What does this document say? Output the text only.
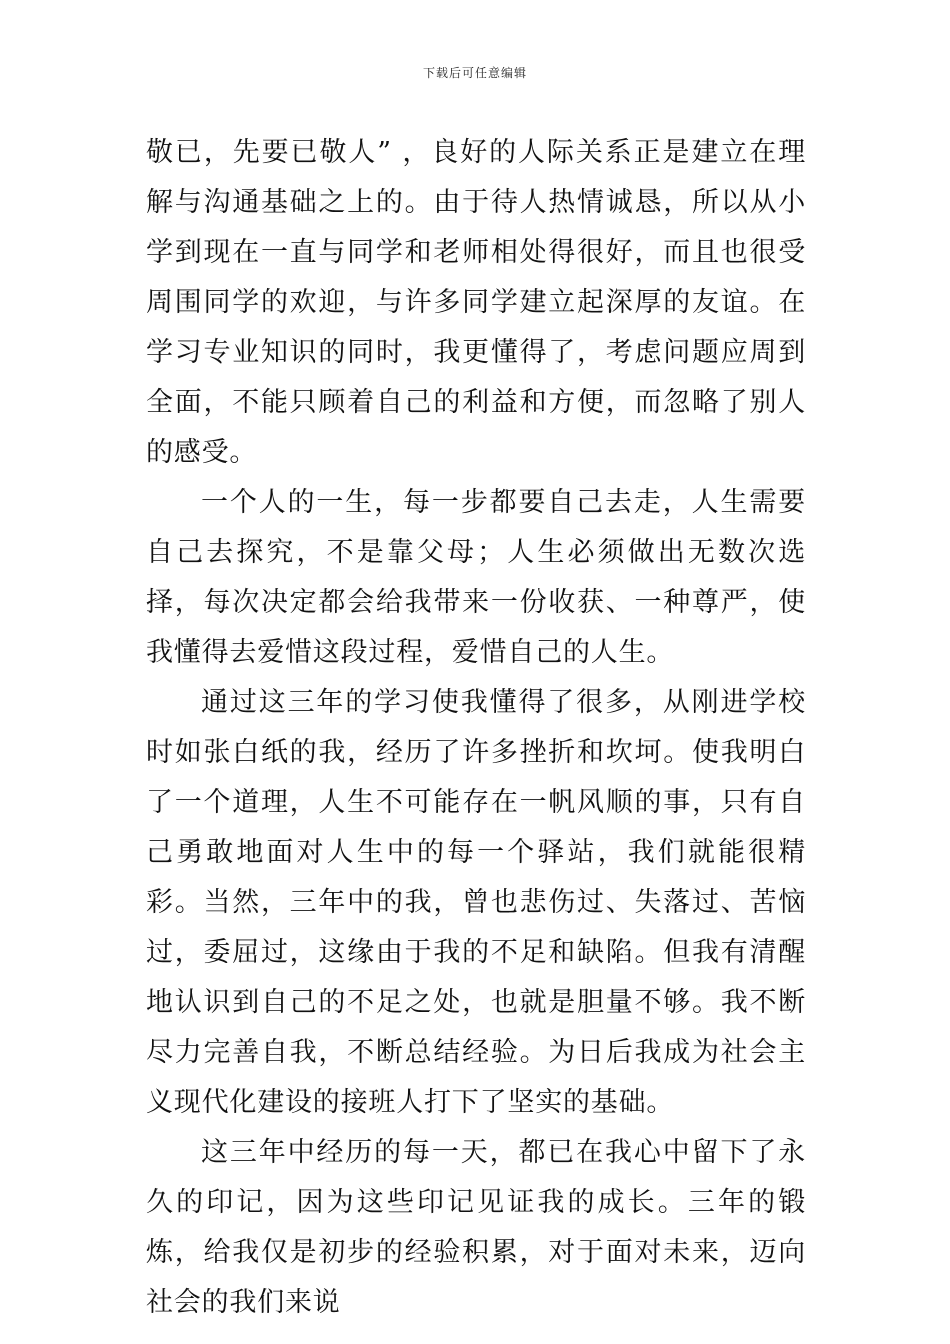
下载后可任意编辑

敬已，先要已敬人” ，良好的人际关系正是建立在理解与沟通基础之上的。由于待人热情诚恳，所以从小学到现在一直与同学和老师相处得很好，而且也很受周围同学的欢迎，与许多同学建立起深厚的友谊。在学习专业知识的同时，我更懂得了，考虑问题应周到全面，不能只顾着自己的利益和方便，而忽略了别人的感受。

一个人的一生，每一步都要自己去走，人生需要自己去探究，不是靠父母；人生必须做出无数次选择，每次决定都会给我带来一份收获、一种尊严，使我懂得去爱惜这段过程，爱惜自己的人生。

通过这三年的学习使我懂得了很多，从刚进学校时如张白纸的我，经历了许多挫折和坎坷。使我明白了一个道理，人生不可能存在一帆风顺的事，只有自己勇敢地面对人生中的每一个驿站，我们就能很精彩。当然，三年中的我，曾也悲伤过、失落过、苦恼过，委屈过，这缘由于我的不足和缺陷。但我有清醒地认识到自己的不足之处，也就是胆量不够。我不断尽力完善自我，不断总结经验。为日后我成为社会主义现代化建设的接班人打下了坚实的基础。

这三年中经历的每一天，都已在我心中留下了永久的印记，因为这些印记见证我的成长。三年的锻炼，给我仅是初步的经验积累，对于面对未来，迈向社会的我们来说
